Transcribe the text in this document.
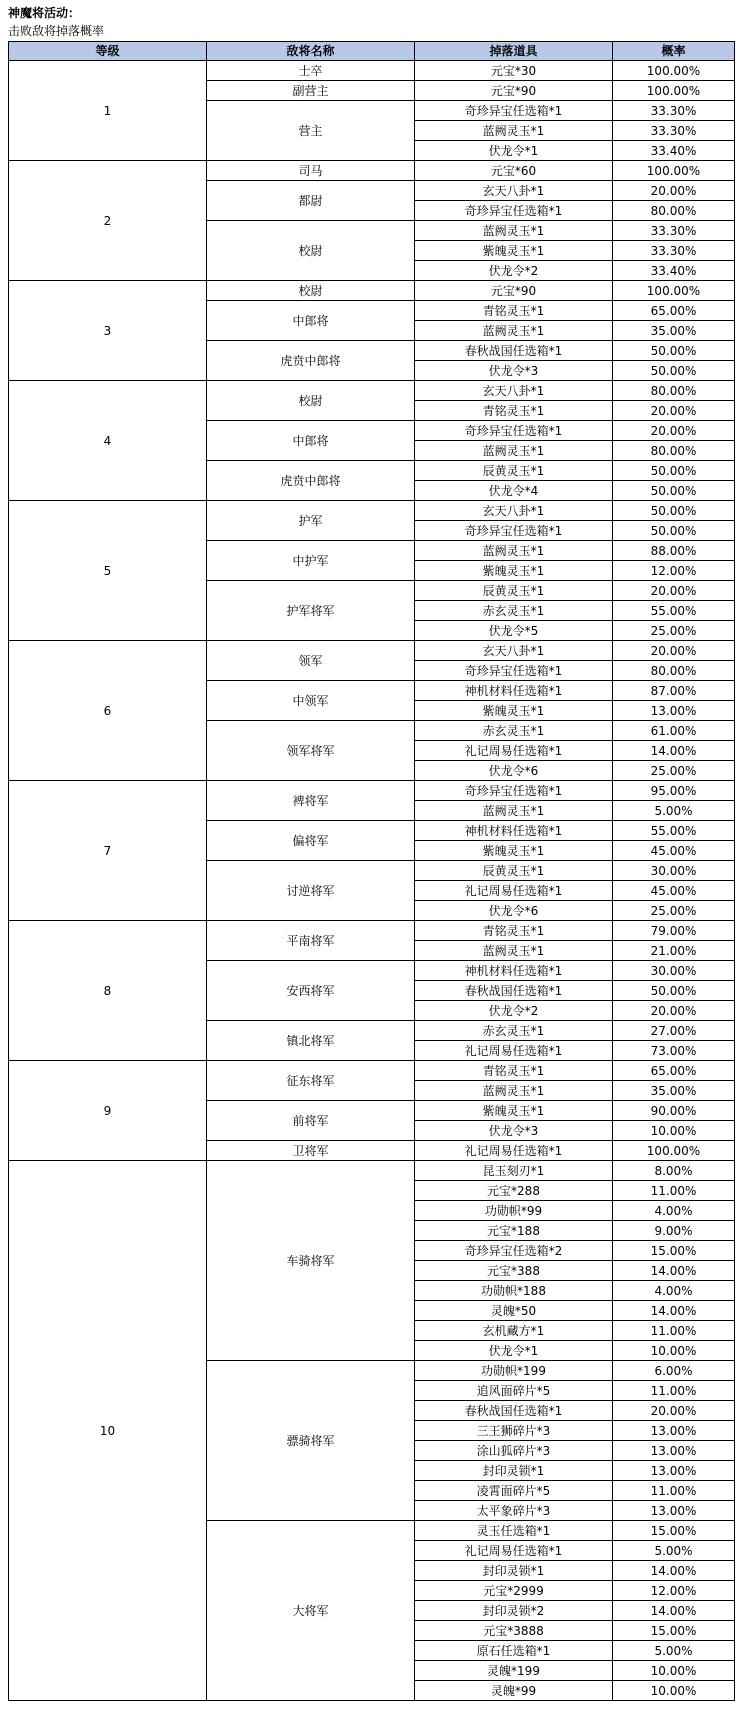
神魔将活动：
击败敌将掉落概率
等级	敌将名称	掉落道具	概率
1	士卒	元宝*30	100.00%
	副营主	元宝*90	100.00%
	营主	奇珍异宝任选箱*1	33.30%
		蓝阙灵玉*1	33.30%
		伏龙令*1	33.40%
2	司马	元宝*60	100.00%
	都尉	玄天八卦*1	20.00%
		奇珍异宝任选箱*1	80.00%
	校尉	蓝阙灵玉*1	33.30%
		紫魄灵玉*1	33.30%
		伏龙令*2	33.40%
3	校尉	元宝*90	100.00%
	中郎将	青铭灵玉*1	65.00%
		蓝阙灵玉*1	35.00%
	虎贲中郎将	春秋战国任选箱*1	50.00%
		伏龙令*3	50.00%
4	校尉	玄天八卦*1	80.00%
		青铭灵玉*1	20.00%
	中郎将	奇珍异宝任选箱*1	20.00%
		蓝阙灵玉*1	80.00%
	虎贲中郎将	辰黄灵玉*1	50.00%
		伏龙令*4	50.00%
5	护军	玄天八卦*1	50.00%
		奇珍异宝任选箱*1	50.00%
	中护军	蓝阙灵玉*1	88.00%
		紫魄灵玉*1	12.00%
	护军将军	辰黄灵玉*1	20.00%
		赤玄灵玉*1	55.00%
		伏龙令*5	25.00%
6	领军	玄天八卦*1	20.00%
		奇珍异宝任选箱*1	80.00%
	中领军	神机材料任选箱*1	87.00%
		紫魄灵玉*1	13.00%
	领军将军	赤玄灵玉*1	61.00%
		礼记周易任选箱*1	14.00%
		伏龙令*6	25.00%
7	裨将军	奇珍异宝任选箱*1	95.00%
		蓝阙灵玉*1	5.00%
	偏将军	神机材料任选箱*1	55.00%
		紫魄灵玉*1	45.00%
	讨逆将军	辰黄灵玉*1	30.00%
		礼记周易任选箱*1	45.00%
		伏龙令*6	25.00%
8	平南将军	青铭灵玉*1	79.00%
		蓝阙灵玉*1	21.00%
	安西将军	神机材料任选箱*1	30.00%
		春秋战国任选箱*1	50.00%
		伏龙令*2	20.00%
	镇北将军	赤玄灵玉*1	27.00%
		礼记周易任选箱*1	73.00%
9	征东将军	青铭灵玉*1	65.00%
		蓝阙灵玉*1	35.00%
	前将军	紫魄灵玉*1	90.00%
		伏龙令*3	10.00%
	卫将军	礼记周易任选箱*1	100.00%
10	车骑将军	昆玉刻刃*1	8.00%
		元宝*288	11.00%
		功勋帜*99	4.00%
		元宝*188	9.00%
		奇珍异宝任选箱*2	15.00%
		元宝*388	14.00%
		功勋帜*188	4.00%
		灵魄*50	14.00%
		玄机藏方*1	11.00%
		伏龙令*1	10.00%
	骠骑将军	功勋帜*199	6.00%
		追风面碎片*5	11.00%
		春秋战国任选箱*1	20.00%
		三王狮碎片*3	13.00%
		涂山狐碎片*3	13.00%
		封印灵锁*1	13.00%
		凌霄面碎片*5	11.00%
		太平象碎片*3	13.00%
	大将军	灵玉任选箱*1	15.00%
		礼记周易任选箱*1	5.00%
		封印灵锁*1	14.00%
		元宝*2999	12.00%
		封印灵锁*2	14.00%
		元宝*3888	15.00%
		原石任选箱*1	5.00%
		灵魄*199	10.00%
		灵魄*99	10.00%
